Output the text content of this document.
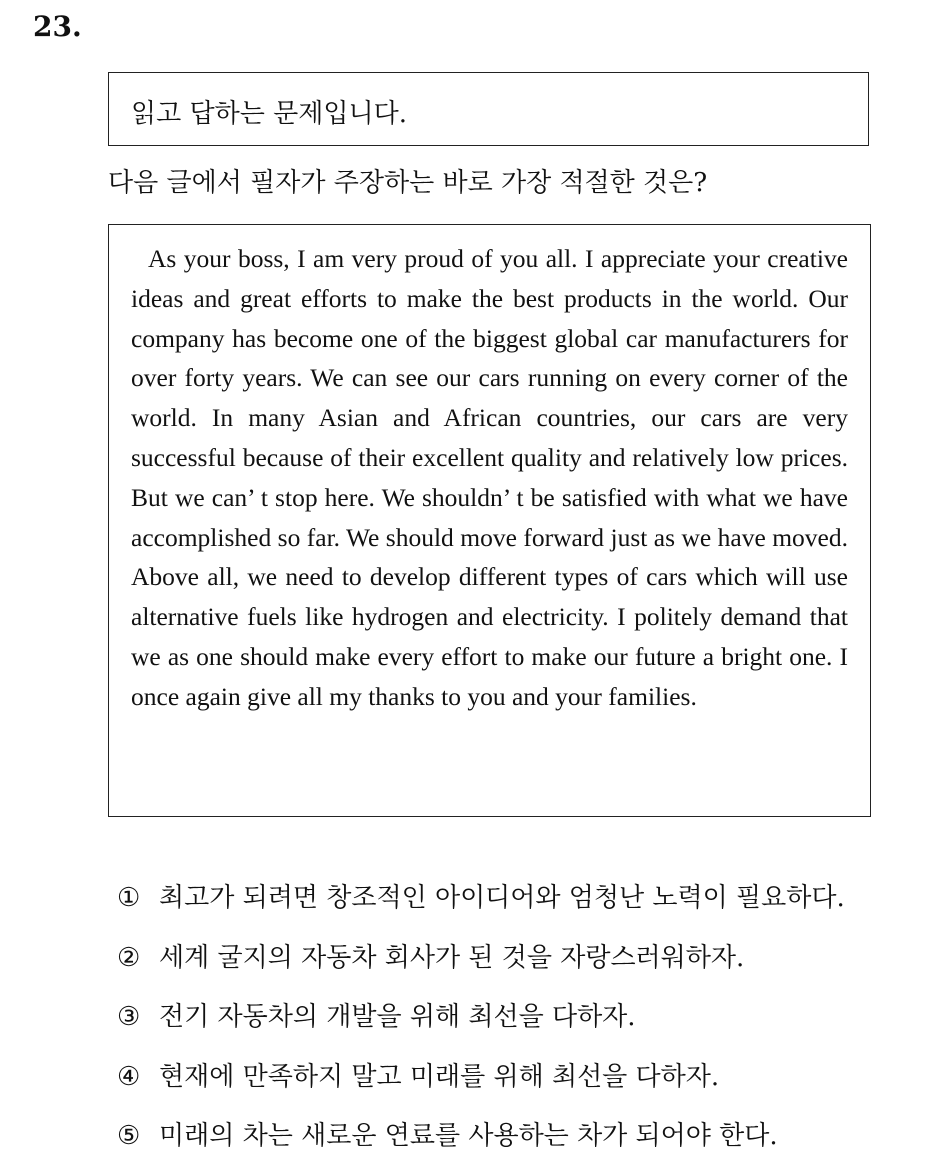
23.
읽고 답하는 문제입니다.
다음 글에서 필자가 주장하는 바로 가장 적절한 것은?

As your boss, I am very proud of you all. I appreciate your creative ideas and great efforts to make the best products in the world. Our company has become one of the biggest global car manufacturers for over forty years. We can see our cars running on every corner of the world. In many Asian and African countries, our cars are very successful because of their excellent quality and relatively low prices. But we can’ t stop here. We shouldn’ t be satisfied with what we have accomplished so far. We should move forward just as we have moved. Above all, we need to develop different types of cars which will use alternative fuels like hydrogen and electricity. I politely demand that we as one should make every effort to make our future a bright one. I once again give all my thanks to you and your families.

① 최고가 되려면 창조적인 아이디어와 엄청난 노력이 필요하다.
② 세계 굴지의 자동차 회사가 된 것을 자랑스러워하자.
③ 전기 자동차의 개발을 위해 최선을 다하자.
④ 현재에 만족하지 말고 미래를 위해 최선을 다하자.
⑤ 미래의 차는 새로운 연료를 사용하는 차가 되어야 한다.
